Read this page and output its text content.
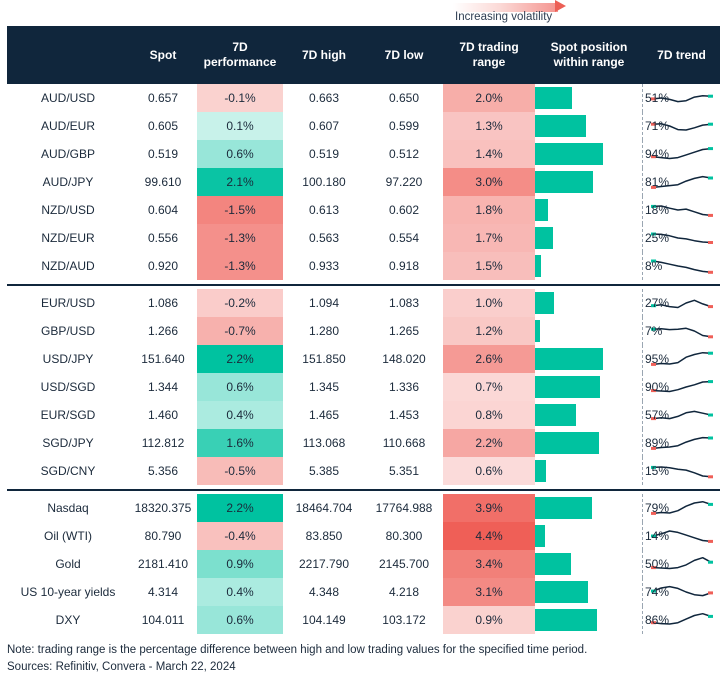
Increasing volatility
	Spot	7D performance	7D high	7D low	7D trading range	Spot position within range	7D trend
AUD/USD	0.657	-0.1%	0.663	0.650	2.0%	51%

AUD/EUR	0.605	0.1%	0.607	0.599	1.3%	71%

AUD/GBP	0.519	0.6%	0.519	0.512	1.4%	94%

AUD/JPY	99.610	2.1%	100.180	97.220	3.0%	81%

NZD/USD	0.604	-1.5%	0.613	0.602	1.8%	18%

NZD/EUR	0.556	-1.3%	0.563	0.554	1.7%	25%

NZD/AUD	0.920	-1.3%	0.933	0.918	1.5%	8%

EUR/USD	1.086	-0.2%	1.094	1.083	1.0%	27%

GBP/USD	1.266	-0.7%	1.280	1.265	1.2%	7%

USD/JPY	151.640	2.2%	151.850	148.020	2.6%	95%

USD/SGD	1.344	0.6%	1.345	1.336	0.7%	90%

EUR/SGD	1.460	0.4%	1.465	1.453	0.8%	57%

SGD/JPY	112.812	1.6%	113.068	110.668	2.2%	89%

SGD/CNY	5.356	-0.5%	5.385	5.351	0.6%	15%

Nasdaq	18320.375	2.2%	18464.704	17764.988	3.9%	79%

Oil (WTI)	80.790	-0.4%	83.850	80.300	4.4%	14%

Gold	2181.410	0.9%	2217.790	2145.700	3.4%	50%

US 10-year yields	4.314	0.4%	4.348	4.218	3.1%	74%

DXY	104.011	0.6%	104.149	103.172	0.9%	86%

Note: trading range is the percentage difference between high and low trading values for the specified time period.
Sources: Refinitiv, Convera - March 22, 2024
